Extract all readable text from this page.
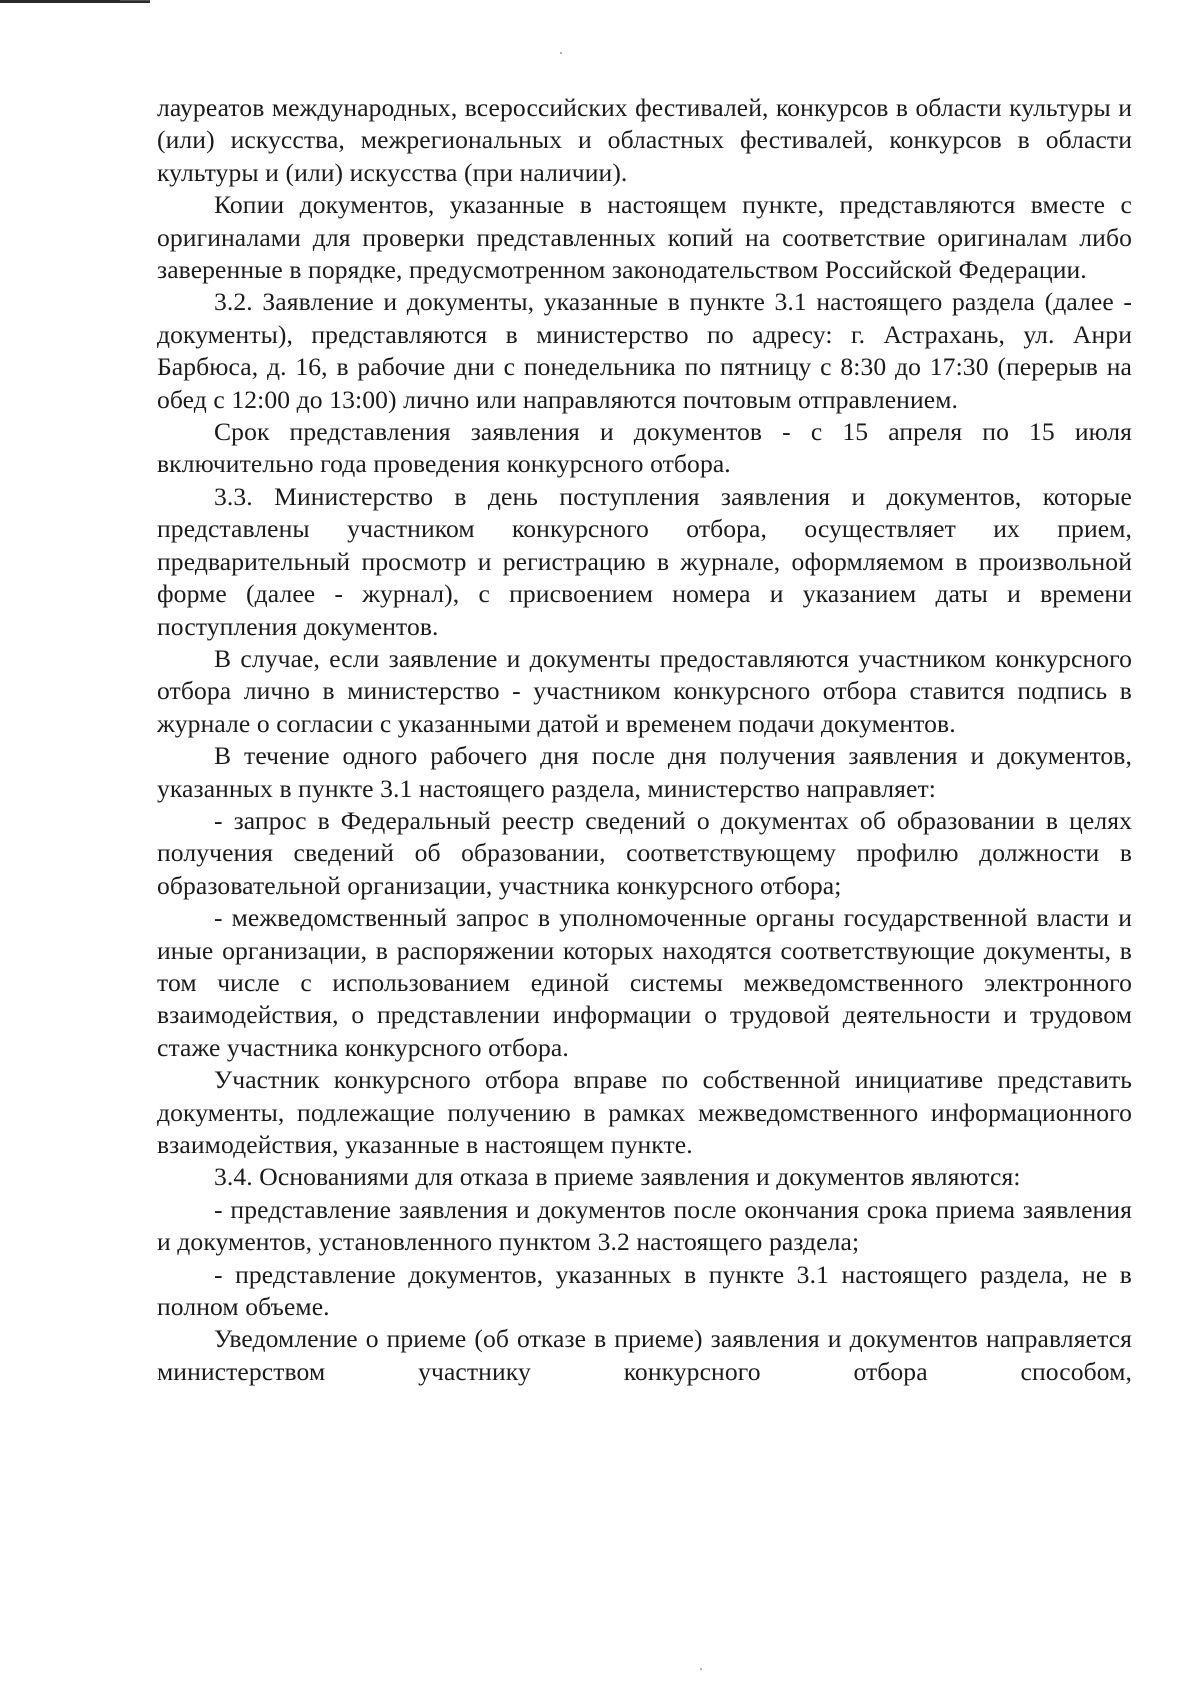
лауреатов международных, всероссийских фестивалей, конкурсов в области культуры и (или) искусства, межрегиональных и областных фестивалей, конкурсов в области культуры и (или) искусства (при наличии).

Копии документов, указанные в настоящем пункте, представляются вместе с оригиналами для проверки представленных копий на соответствие оригиналам либо заверенные в порядке, предусмотренном законодательством Российской Федерации.

3.2. Заявление и документы, указанные в пункте 3.1 настоящего раздела (далее - документы), представляются в министерство по адресу: г. Астрахань, ул. Анри Барбюса, д. 16, в рабочие дни с понедельника по пятницу с 8:30 до 17:30 (перерыв на обед с 12:00 до 13:00) лично или направляются почтовым отправлением.

Срок представления заявления и документов - с 15 апреля по 15 июля включительно года проведения конкурсного отбора.

3.3. Министерство в день поступления заявления и документов, которые представлены участником конкурсного отбора, осуществляет их прием, предварительный просмотр и регистрацию в журнале, оформляемом в произвольной форме (далее - журнал), с присвоением номера и указанием даты и времени поступления документов.

В случае, если заявление и документы предоставляются участником конкурсного отбора лично в министерство - участником конкурсного отбора ставится подпись в журнале о согласии с указанными датой и временем подачи документов.

В течение одного рабочего дня после дня получения заявления и документов, указанных в пункте 3.1 настоящего раздела, министерство направляет:

- запрос в Федеральный реестр сведений о документах об образовании в целях получения сведений об образовании, соответствующему профилю должности в образовательной организации, участника конкурсного отбора;

- межведомственный запрос в уполномоченные органы государственной власти и иные организации, в распоряжении которых находятся соответствующие документы, в том числе с использованием единой системы межведомственного электронного взаимодействия, о представлении информации о трудовой деятельности и трудовом стаже участника конкурсного отбора.

Участник конкурсного отбора вправе по собственной инициативе представить документы, подлежащие получению в рамках межведомственного информационного взаимодействия, указанные в настоящем пункте.

3.4. Основаниями для отказа в приеме заявления и документов являются:

- представление заявления и документов после окончания срока приема заявления и документов, установленного пунктом 3.2 настоящего раздела;

- представление документов, указанных в пункте 3.1 настоящего раздела, не в полном объеме.

Уведомление о приеме (об отказе в приеме) заявления и документов направляется министерством участнику конкурсного отбора способом,
